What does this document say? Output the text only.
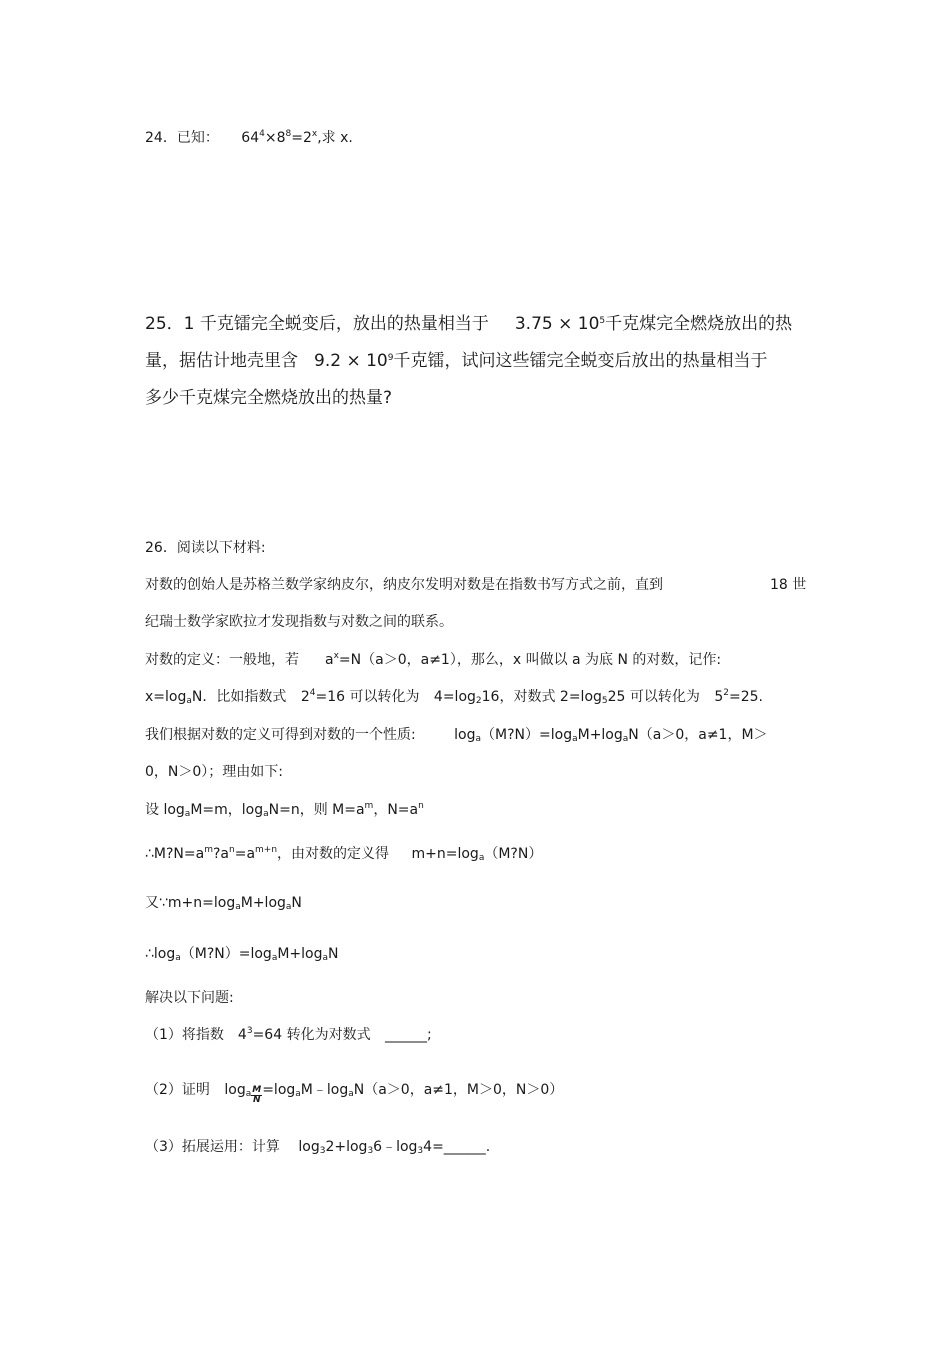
24．已知： $64^4\times 8^8=2^x$,求 x.
25．1 千克镭完全蜕变后，放出的热量相当于 $3.75 \times 10^5$千克煤完全燃烧放出的热
量，据估计地壳里含 $9.2 \times 10^9$千克镭，试问这些镭完全蜕变后放出的热量相当于
多少千克煤完全燃烧放出的热量?
26．阅读以下材料:
对数的创始人是苏格兰数学家纳皮尔，纳皮尔发明对数是在指数书写方式之前，直到	18 世
纪瑞士数学家欧拉才发现指数与对数之间的联系。
对数的定义：一般地，若 $a^x=N(a>0$，a≠1），那么，x 叫做以 a 为底 N 的对数，记作:
$x=\log_aN$．比如指数式 $2^4=16$ 可以转化为 $4=\log_216$，对数式 $2=\log_525$ 可以转化为 $5^2=25$.
我们根据对数的定义可得到对数的一个性质:	$\log_a(M?N)=\log_aM+\log_aN(a>0$，a≠1，M＞
0，N＞0）；理由如下:
设 $\log_aM=m$，$\log_aN=n$，则 $M=a^m$，$N=a^n$
$\therefore M?N=a^m?a^n=a^{m+n}$，由对数的定义得 $m+n=\log_a(M?N)$
又$\because m+n=\log_aM+\log_aN$
$\therefore\log_a(M?N)=\log_aM+\log_aN$
解决以下问题:
（1）将指数 $4^3=64$ 转化为对数式 ______;
（2）证明 $\log_a \frac{M}{N}$ $=\log_aM﹣\log_aN(a>0$，a≠1，M＞0，N＞0）
（3）拓展运用：计算 $\log_32+\log_36﹣\log_34=\_\_\_\_\_\_$.
